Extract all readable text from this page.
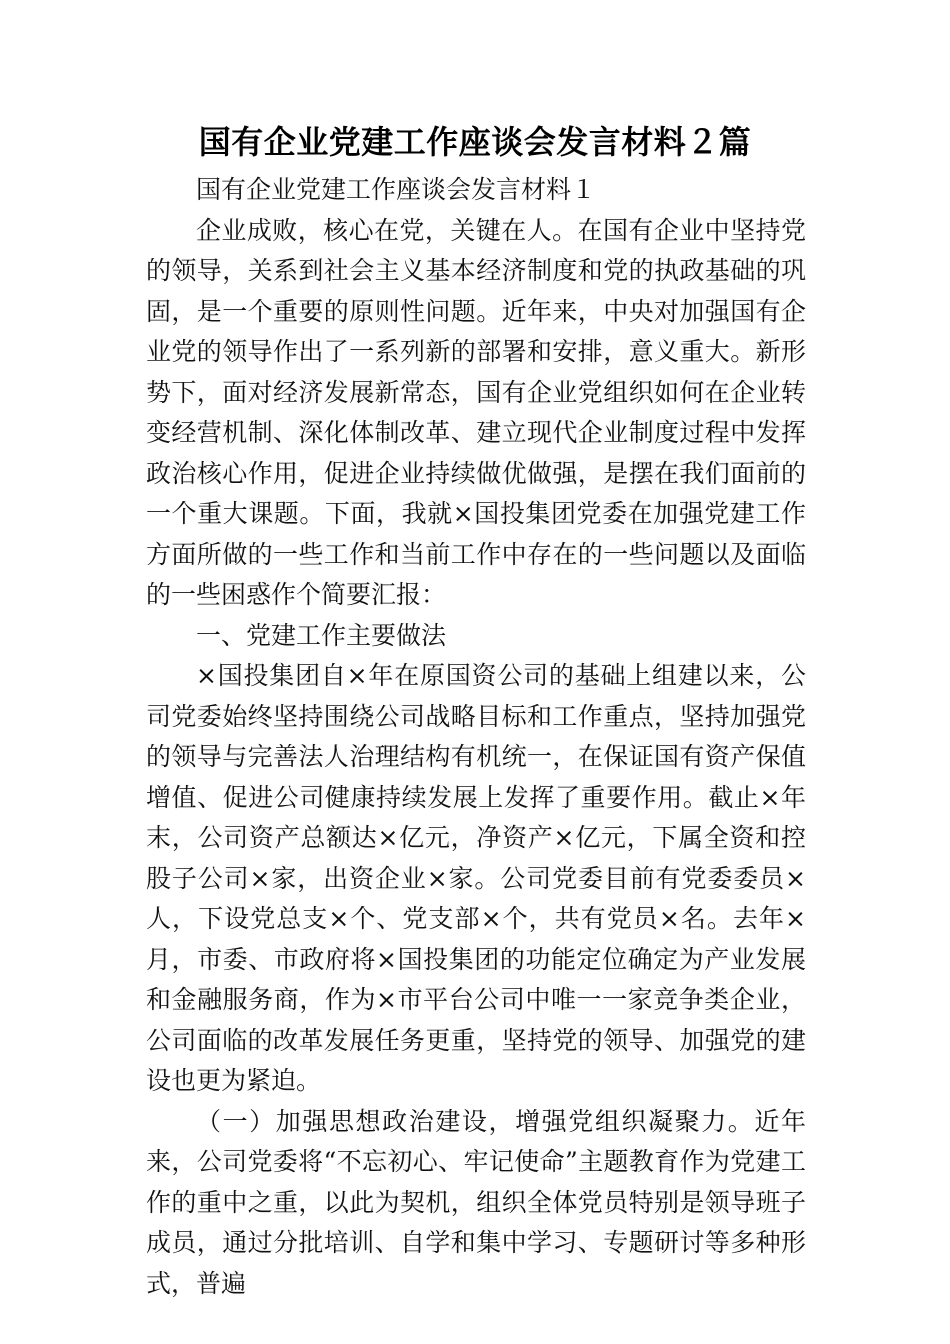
国有企业党建工作座谈会发言材料２篇

国有企业党建工作座谈会发言材料１

企业成败，核心在党，关键在人。在国有企业中坚持党的领导，关系到社会主义基本经济制度和党的执政基础的巩固，是一个重要的原则性问题。近年来，中央对加强国有企业党的领导作出了一系列新的部署和安排，意义重大。新形势下，面对经济发展新常态，国有企业党组织如何在企业转变经营机制、深化体制改革、建立现代企业制度过程中发挥政治核心作用，促进企业持续做优做强，是摆在我们面前的一个重大课题。下面，我就×国投集团党委在加强党建工作方面所做的一些工作和当前工作中存在的一些问题以及面临的一些困惑作个简要汇报：

一、党建工作主要做法

×国投集团自×年在原国资公司的基础上组建以来，公司党委始终坚持围绕公司战略目标和工作重点，坚持加强党的领导与完善法人治理结构有机统一，在保证国有资产保值增值、促进公司健康持续发展上发挥了重要作用。截止×年末，公司资产总额达×亿元，净资产×亿元，下属全资和控股子公司×家，出资企业×家。公司党委目前有党委委员×人，下设党总支×个、党支部×个，共有党员×名。去年×月，市委、市政府将×国投集团的功能定位确定为产业发展和金融服务商，作为×市平台公司中唯一一家竞争类企业，公司面临的改革发展任务更重，坚持党的领导、加强党的建设也更为紧迫。

（一）加强思想政治建设，增强党组织凝聚力。近年来，公司党委将“不忘初心、牢记使命”主题教育作为党建工作的重中之重，以此为契机，组织全体党员特别是领导班子成员，通过分批培训、自学和集中学习、专题研讨等多种形式，普遍
